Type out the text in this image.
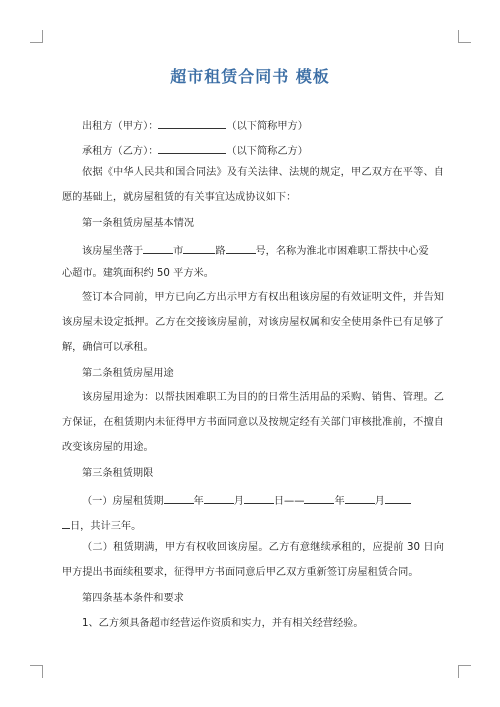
超市租赁合同书 模板
出租方（甲方）：	（以下简称甲方）
承租方（乙方）：	（以下简称乙方）
依据《中华人民共和国合同法》及有关法律、法规的规定，甲乙双方在平等、自愿的基础上，就房屋租赁的有关事宜达成协议如下：
第一条租赁房屋基本情况
该房屋坐落于	市	路	号，名称为淮北市困难职工帮扶中心爱
心超市。建筑面积约 50 平方米。
签订本合同前，甲方已向乙方出示甲方有权出租该房屋的有效证明文件，并告知该房屋未设定抵押。乙方在交接该房屋前，对该房屋权属和安全使用条件已有足够了解，确信可以承租。
第二条租赁房屋用途
该房屋用途为：以帮扶困难职工为目的的日常生活用品的采购、销售、管理。乙方保证，在租赁期内未征得甲方书面同意以及按规定经有关部门审核批准前，不擅自改变该房屋的用途。
第三条租赁期限
（一）房屋租赁期	年	月	日——	年	月
日，共计三年。
（二）租赁期满，甲方有权收回该房屋。乙方有意继续承租的，应提前 30 日向甲方提出书面续租要求，征得甲方书面同意后甲乙双方重新签订房屋租赁合同。
第四条基本条件和要求
1、乙方须具备超市经营运作资质和实力，并有相关经营经验。
